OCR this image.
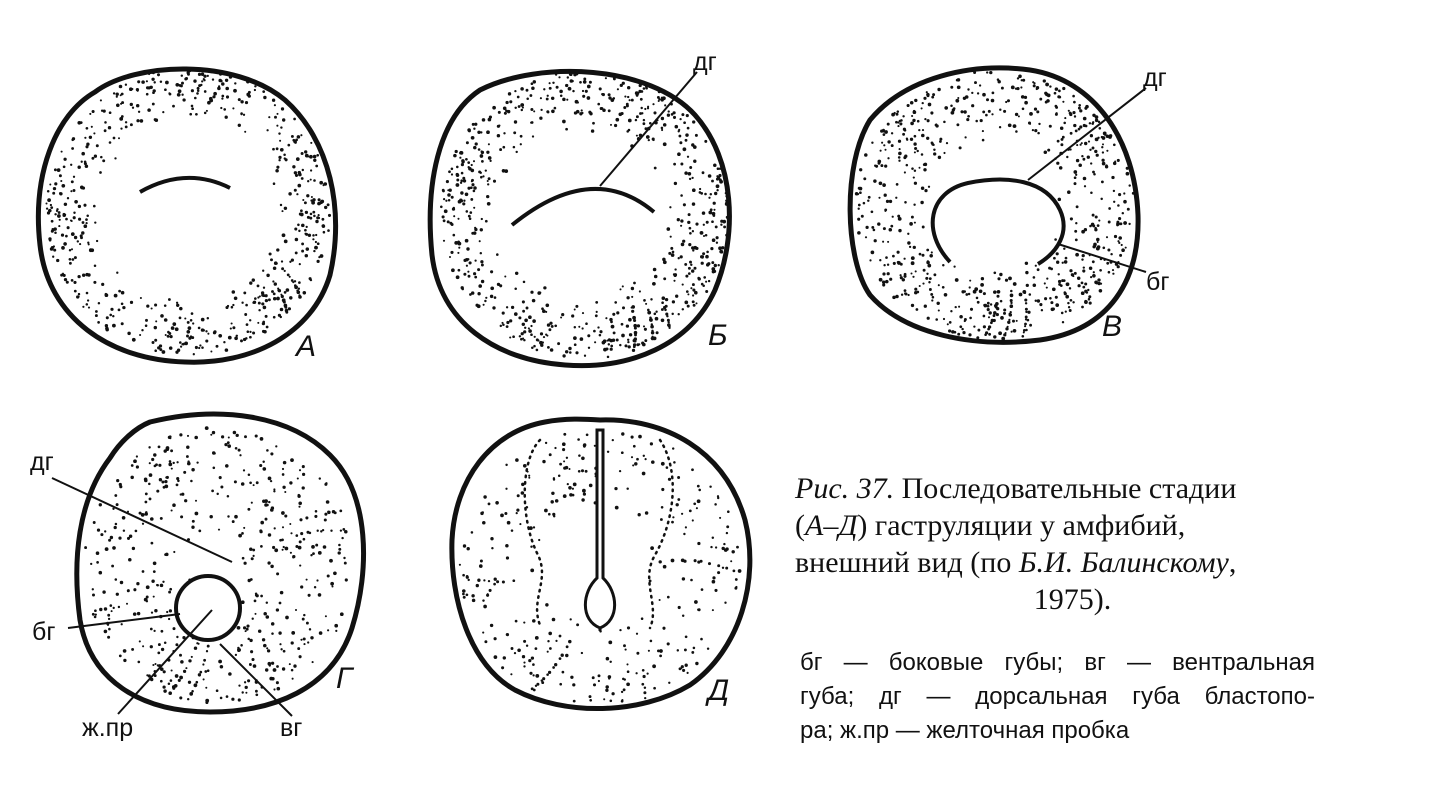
А
дг
Б
дг
бг
В
дг
бг
ж.пр	вг
Г	Д
Рис. 37. Последовательные стадии
(А–Д) гаструляции у амфибий,
внешний вид (по Б.И. Балинскому,
1975).
бг — боковые губы; вг — вентральная
губа; дг — дорсальная губа бластопо-
ра; ж.пр — желточная пробка
